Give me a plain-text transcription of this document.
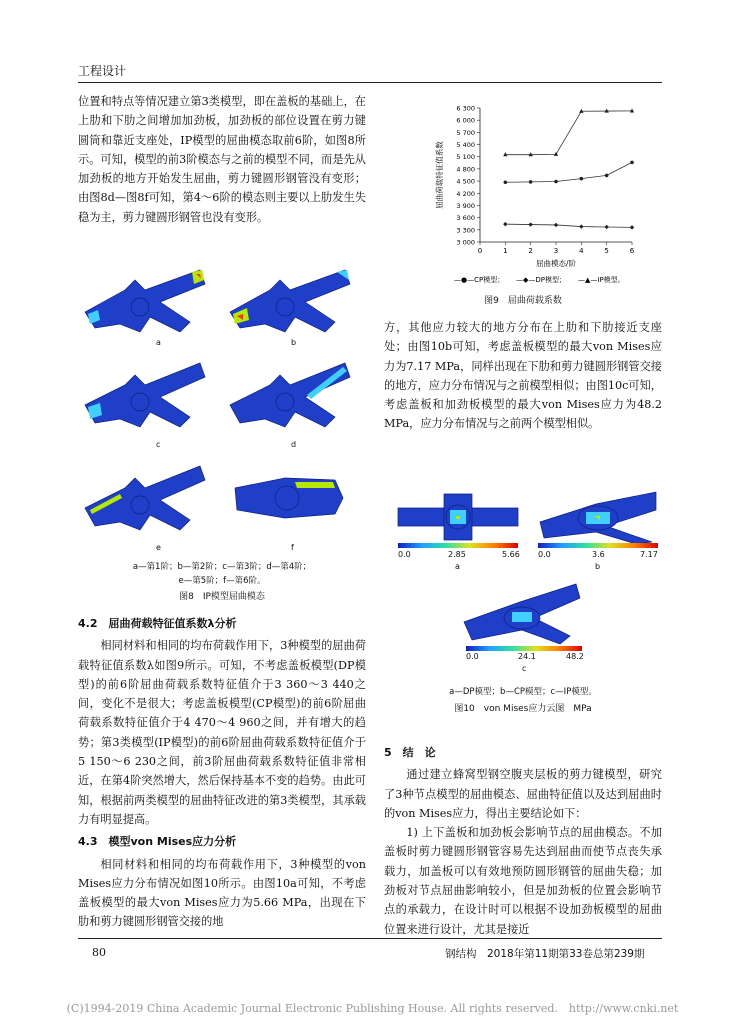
工程设计

位置和特点等情况建立第3类模型，即在盖板的基础上，在上肋和下肋之间增加加劲板，加劲板的部位设置在剪力键圆筒和靠近支座处，IP模型的屈曲模态取前6阶，如图8所示。可知，模型的前3阶模态与之前的模型不同，而是先从加劲板的地方开始发生屈曲，剪力键圆形钢管没有变形；由图8d—图8f可知，第4～6阶的模态则主要以上肋发生失稳为主，剪力键圆形钢管也没有变形。

a	b
c	d
e	f
a—第1阶；b—第2阶；c—第3阶；d—第4阶；
e—第5阶；f—第6阶。
图8　IP模型屈曲模态

4.2　屈曲荷载特征值系数λ分析

相同材料和相同的均布荷载作用下，3种模型的屈曲荷载特征值系数λ如图9所示。可知，不考虑盖板模型(DP模型)的前6阶屈曲荷载系数特征值介于3 360～3 440之间，变化不是很大；考虑盖板模型(CP模型)的前6阶屈曲荷载系数特征值介于4 470～4 960之间，并有增大的趋势；第3类模型(IP模型)的前6阶屈曲荷载系数特征值介于5 150～6 230之间，前3阶屈曲荷载系数特征值非常相近，在第4阶突然增大，然后保持基本不变的趋势。由此可知，根据前两类模型的屈曲特征改进的第3类模型，其承载力有明显提高。

4.3　模型von Mises应力分析

相同材料和相同的均布荷载作用下，3种模型的von Mises应力分布情况如图10所示。由图10a可知，不考虑盖板模型的最大von Mises应力为5.66 MPa，出现在下肋和剪力键圆形钢管交接的地

6 300
6 000
5 700
5 400
5 100
4 800
4 500
4 200
3 900
3 600
3 300
3 000
0	1	2	3	4	5	6
屈曲模态/阶
屈曲荷载特征值系数
—●—CP模型； —◆—DP模型； —▲—IP模型。
图9　屈曲荷载系数

方，其他应力较大的地方分布在上肋和下肋接近支座处；由图10b可知，考虑盖板模型的最大von Mises应力为7.17 MPa，同样出现在下肋和剪力键圆形钢管交接的地方，应力分布情况与之前模型相似；由图10c可知，考虑盖板和加劲板模型的最大von Mises应力为48.2 MPa，应力分布情况与之前两个模型相似。

0.0	2.85	5.66 0.0	3.6	7.17
a	b
0.0	24.1	48.2
c
a—DP模型；b—CP模型；c—IP模型。
图10　von Mises应力云图　MPa

5　结　论

通过建立蜂窝型钢空腹夹层板的剪力键模型，研究了3种节点模型的屈曲模态、屈曲特征值以及达到屈曲时的von Mises应力，得出主要结论如下：

1) 上下盖板和加劲板会影响节点的屈曲模态。不加盖板时剪力键圆形钢管容易先达到屈曲而使节点丧失承载力，加盖板可以有效地预防圆形钢管的屈曲失稳；加劲板对节点屈曲影响较小，但是加劲板的位置会影响节点的承载力，在设计时可以根据不设加劲板模型的屈曲位置来进行设计，尤其是接近

80	钢结构　2018年第11期第33卷总第239期
(C)1994-2019 China Academic Journal Electronic Publishing House. All rights reserved.　http://www.cnki.net
